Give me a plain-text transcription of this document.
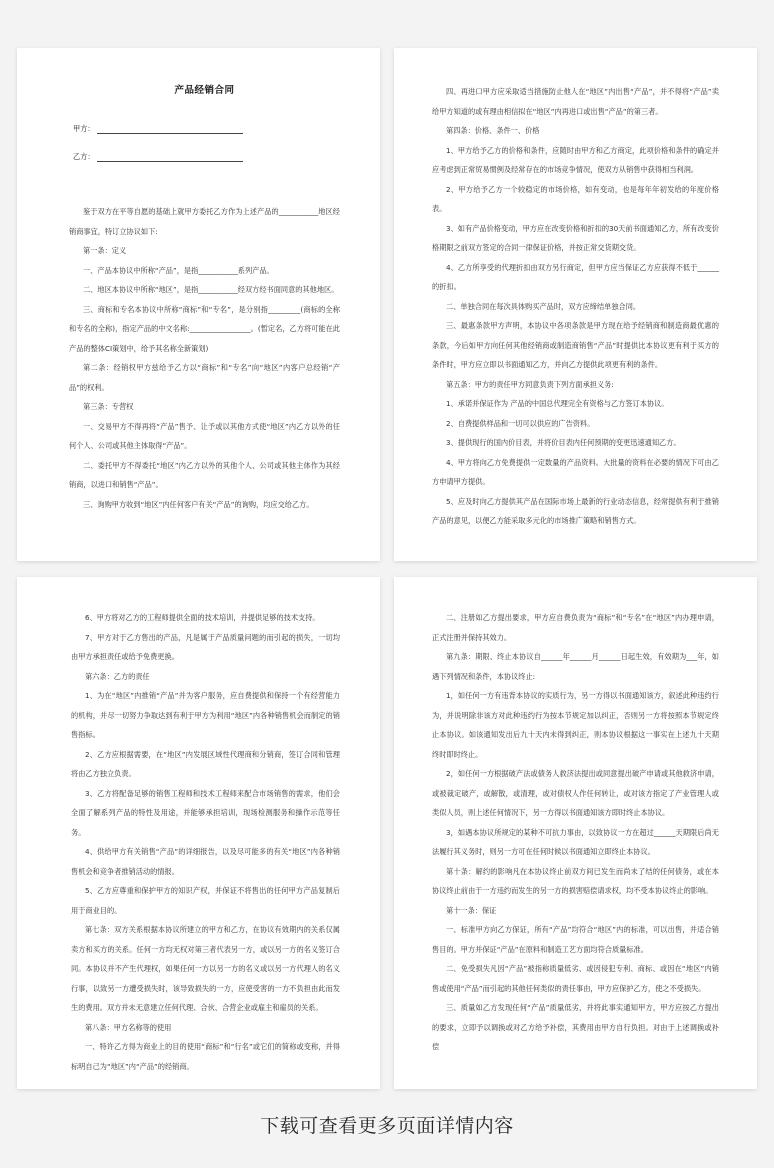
产品经销合同
甲方：
乙方：

鉴于双方在平等自愿的基础上就甲方委托乙方作为上述产品的___________地区经销商事宜，特订立协议如下:

第一条：定义

一、产品本协议中所称“产品”，是指___________系列产品。

二、地区本协议中所称“地区”，是指___________经双方经书面同意的其他地区。

三、商标和专名本协议中所称“商标”和“专名”，是分别指_________(商标的全称和专名的全称)，指定产品的中文名称:_________________。(暂定名，乙方将可能在此产品的整体CI策划中，给予其名称全新策划)

第二条：经销权甲方兹给予乙方以“商标”和“专名”向“地区”内客户总经销“产品”的权利。

第三条：专营权

一、交易甲方不得再将“产品”售予、让予或以其他方式使“地区”内乙方以外的任何个人、公司或其他主体取得“产品”。

二、委托甲方不得委托“地区”内乙方以外的其他个人、公司或其他主体作为其经销商，以进口和销售“产品”。

三、询购甲方收到“地区”内任何客户有关“产品”的询购，均应交给乙方。

四、再进口甲方应采取适当措施防止他人在“地区”内出售“产品”，并不得将“产品”卖给甲方知道的或有理由相信拟在“地区”内再进口或出售“产品”的第三者。

第四条：价格、条件一、价格

1、甲方给予乙方的价格和条件，应随时由甲方和乙方商定，此项价格和条件的确定并应考虑到正常贸易惯例及经常存在的市场竞争情况，使双方从销售中获得相当利润。

2、甲方给予乙方一个较稳定的市场价格，如有变动，也是每年年初发给的年度价格表。

3、如有产品价格变动，甲方应在改变价格和折扣的30天前书面通知乙方，所有改变价格期限之前双方签定的合同一律保证价格，并按正常交货期交货。

4、乙方所享受的代理折扣由双方另行商定，但甲方应当保证乙方应获得不低于______的折扣。

二、单独合同在每次具体购买产品时，双方应缔结单独合同。

三、最惠条款甲方声明，本协议中各项条款是甲方现在给予经销商和制造商最优惠的条款，今后如甲方向任何其他经销商或制造商销售“产品”时提供比本协议更有利于买方的条件时，甲方应立即以书面通知乙方，并向乙方提供此项更有利的条件。

第五条：甲方的责任甲方同意负责下列方面承担义务:

1、承诺并保证作为 产品的中国总代理完全有资格与乙方签订本协议。

2、自费提供样品和一切可以供应的广告资料。

3、提供现行的国内价目表，并将价目表内任何预期的变更迅速通知乙方。

4、甲方将向乙方免费提供一定数量的产品资料。大批量的资料在必要的情况下可由乙方申请甲方提供。

5、应及时向乙方提供其产品在国际市场上最新的行业动态信息，经常提供有利于推销产品的意见，以便乙方能采取多元化的市场推广策略和销售方式。

6、甲方将对乙方的工程师提供全面的技术培训，并提供足够的技术支持。

7、甲方对于乙方售出的产品，凡是属于产品质量问题的而引起的损失，一切均由甲方承担责任或给予免费更换。

第六条：乙方的责任

1、为在“地区”内推销“产品”并为客户服务，应自费提供和保持一个有经营能力的机构，并尽一切努力争取达到有利于甲方为利用“地区”内各种销售机会而制定的销售指标。

2、乙方应根据需要，在“地区”内发展区域性代理商和分销商，签订合同和管理将由乙方独立负责。

3、乙方将配备足够的销售工程师和技术工程师来配合市场销售的需求，他们会全面了解系列产品的特性及用途，并能够承担培训，现场检测服务和操作示范等任务。

4、供给甲方有关销售“产品”的详细报告，以及尽可能多的有关“地区”内各种销售机会和竞争者推销活动的情报。

5、乙方应尊重和保护甲方的知识产权，并保证不将售出的任何甲方产品复制后用于商业目的。

第七条：双方关系根据本协议所建立的甲方和乙方，在协议有效期内的关系仅属卖方和买方的关系。任何一方均无权对第三者代表另一方，或以另一方的名义签订合同。本协议并不产生代理权，如果任何一方以另一方的名义或以另一方代理人的名义行事，以致另一方遭受损失时，该导致损失的一方，应使受害的一方不负担由此而发生的费用。双方并未无意建立任何代理、合伙、合营企业或雇主和雇员的关系。

第八条：甲方名称等的使用

一、特许乙方得为商业上的目的使用“商标”和“行名”或它们的简称或变称，并得标明自己为“地区”内“产品”的经销商。

二、注册如乙方提出要求，甲方应自费负责为“商标”和“专名”在“地区”内办理申请，正式注册并保持其效力。

第九条：期限、终止本协议自______年______月______日起生效，有效期为___年，如遇下列情况和条件，本协议终止:

1，如任何一方有违背本协议的实质行为，另一方得以书面通知该方，叙述此种违约行为，并说明除非该方对此种违约行为按本节规定加以纠正，否则另一方将按照本节规定终止本协议。如该通知发出后九十天内未得到纠正，则本协议根据这一事实在上述九十天期终时即时终止。

2，如任何一方根据破产法或债务人救济法提出或同意提出破产申请或其他救济申请，或被裁定破产，或解散，或清理，或对债权人作任何转让，或对该方指定了产业管理人或类似人员，则上述任何情况下，另一方得以书面通知该方即时终止本协议。

3，如遇本协议所规定的某种不可抗力事由，以致协议一方在超过______天期限后尚无法履行其义务时，则另一方可在任何时候以书面通知立即终止本协议。

第十条：解约的影响凡在本协议终止前双方间已发生而尚未了结的任何债务，或在本协议终止前由于一方违约而发生的另一方的损害赔偿请求权，均不受本协议终止的影响。

第十一条：保证

一、标准甲方向乙方保证，所有“产品”均符合“地区”内的标准，可以出售，并适合销售目的。甲方并保证“产品”在原料和制造工艺方面均符合质量标准。

二、免受损失凡因“产品”被指称质量低劣、或因侵犯专利、商标、或因在“地区”内销售或使用“产品”而引起的其他任何类似的责任事由，甲方应保护乙方，使之不受损失。

三、质量如乙方发现任何“产品”质量低劣，并将此事实通知甲方，甲方应按乙方提出的要求，立即予以调换或对乙方给予补偿，其费用由甲方自行负担。对由于上述调换或补偿

下载可查看更多页面详情内容
